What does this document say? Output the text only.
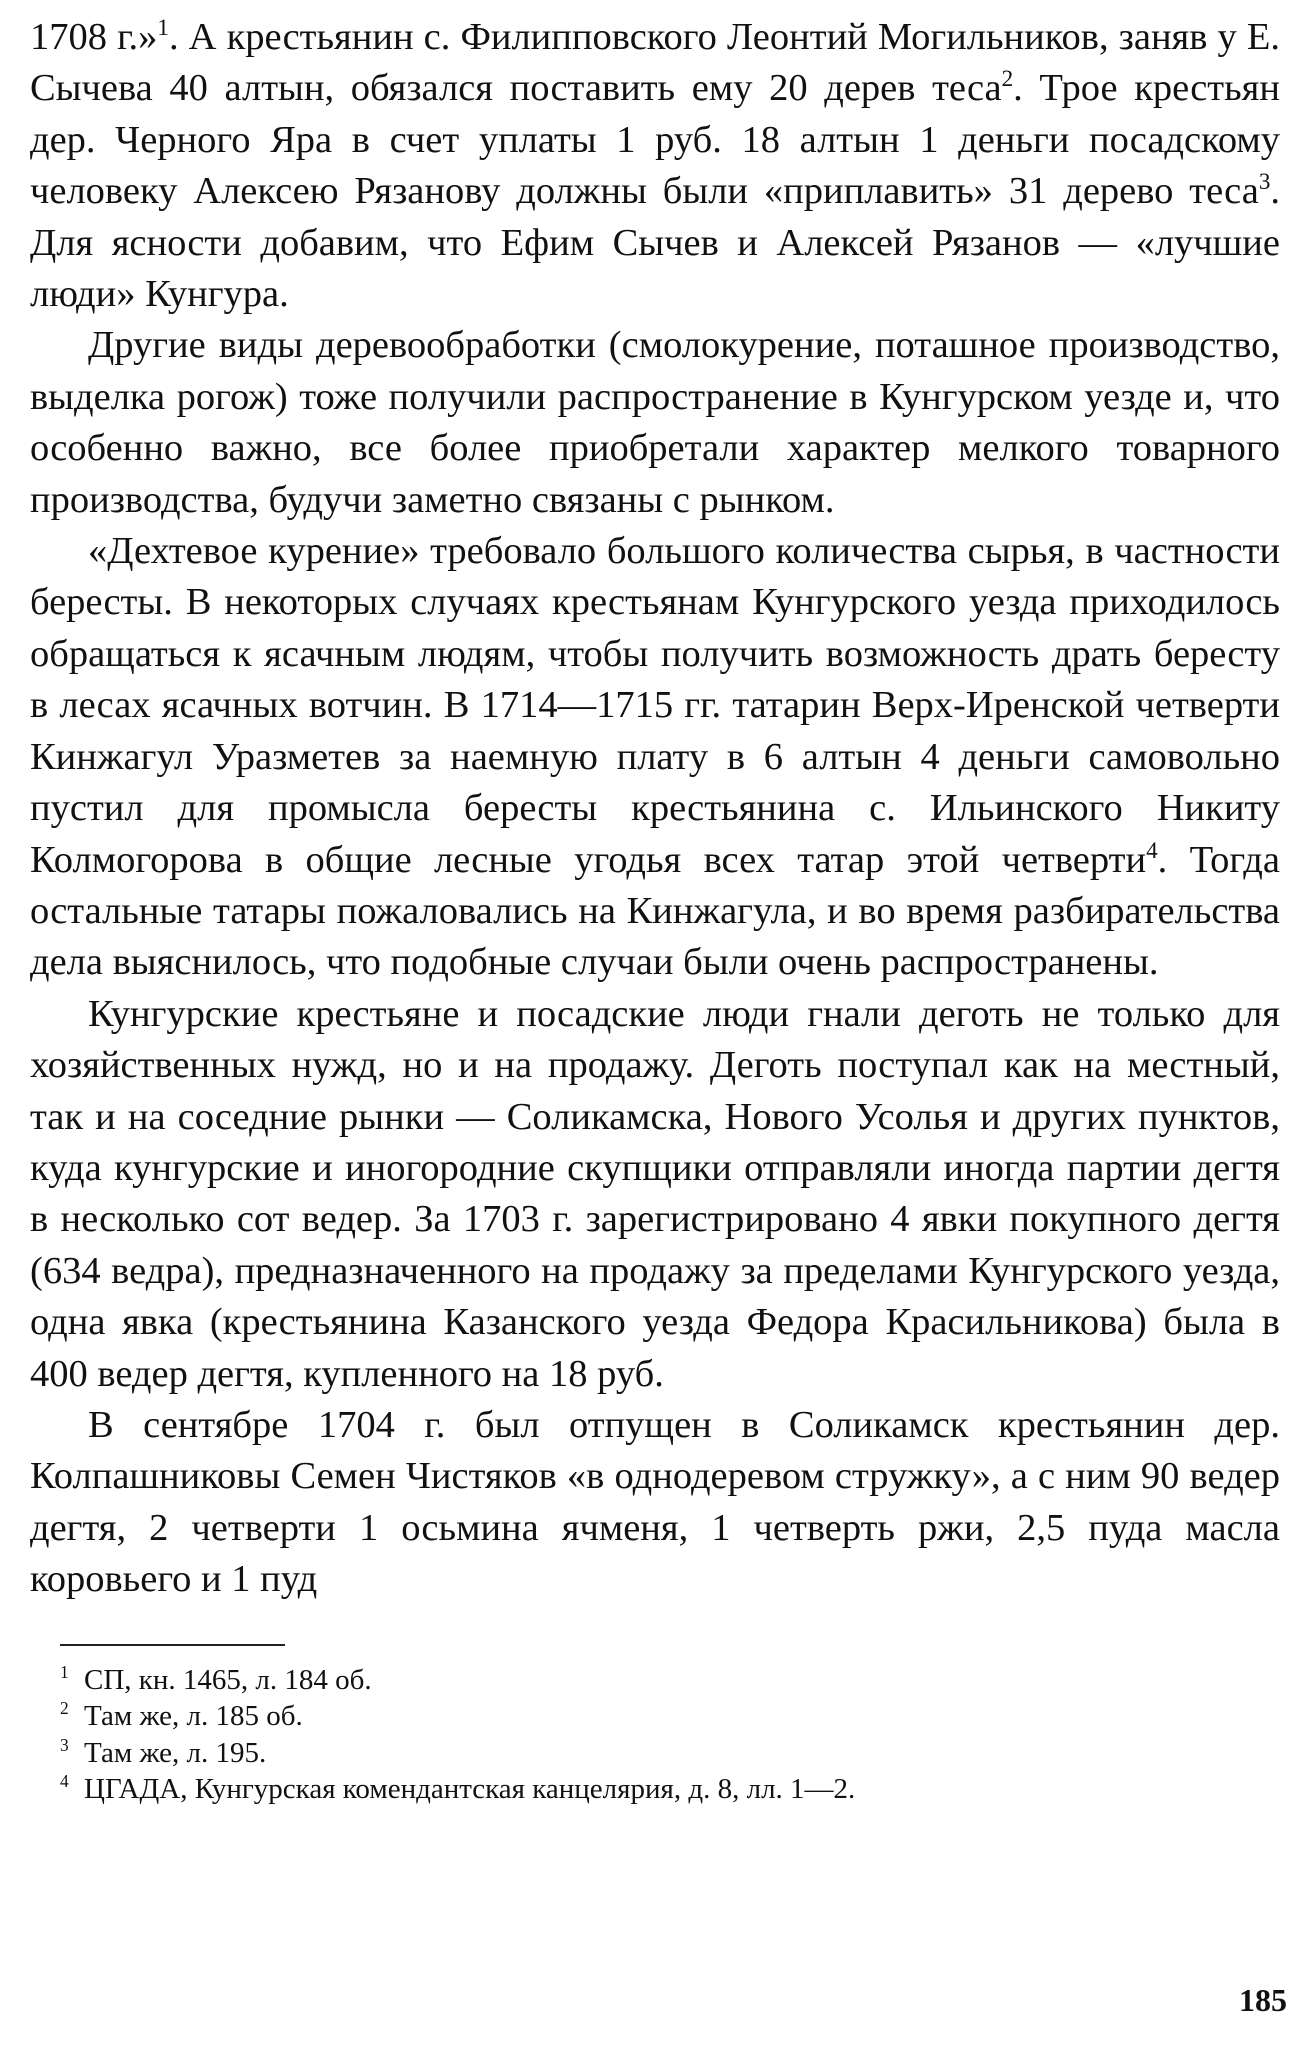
1708 г.»$^1$. А крестьянин с. Филипповского Леонтий Могильников, заняв у Е. Сычева 40 алтын, обязался поставить ему 20 дерев теса$^2$. Трое крестьян дер. Черного Яра в счет уплаты 1 руб. 18 алтын 1 деньги посадскому человеку Алексею Рязанову должны были «приплавить» 31 дерево теса$^3$. Для ясности добавим, что Ефим Сычев и Алексей Рязанов — «лучшие люди» Кунгура.

Другие виды деревообработки (смолокурение, поташное производство, выделка рогож) тоже получили распространение в Кунгурском уезде и, что особенно важно, все более приобретали характер мелкого товарного производства, будучи заметно связаны с рынком.

«Дехтевое курение» требовало большого количества сырья, в частности бересты. В некоторых случаях крестьянам Кунгурского уезда приходилось обращаться к ясачным людям, чтобы получить возможность драть бересту в лесах ясачных вотчин. В 1714—1715 гг. татарин Верх-Иренской четверти Кинжагул Уразметев за наемную плату в 6 алтын 4 деньги самовольно пустил для промысла бересты крестьянина с. Ильинского Никиту Колмогорова в общие лесные угодья всех татар этой четверти$^4$. Тогда остальные татары пожаловались на Кинжагула, и во время разбирательства дела выяснилось, что подобные случаи были очень распространены.

Кунгурские крестьяне и посадские люди гнали деготь не только для хозяйственных нужд, но и на продажу. Деготь поступал как на местный, так и на соседние рынки — Соликамска, Нового Усолья и других пунктов, куда кунгурские и иногородние скупщики отправляли иногда партии дегтя в несколько сот ведер. За 1703 г. зарегистрировано 4 явки покупного дегтя (634 ведра), предназначенного на продажу за пределами Кунгурского уезда, одна явка (крестьянина Казанского уезда Федора Красильникова) была в 400 ведер дегтя, купленного на 18 руб.

В сентябре 1704 г. был отпущен в Соликамск крестьянин дер. Колпашниковы Семен Чистяков «в однодеревом стружку», а с ним 90 ведер дегтя, 2 четверти 1 осьмина ячменя, 1 четверть ржи, 2,5 пуда масла коровьего и 1 пуд

$^1$ СП, кн. 1465, л. 184 об.
$^2$ Там же, л. 185 об.
$^3$ Там же, л. 195.
$^4$ ЦГАДА, Кунгурская комендантская канцелярия, д. 8, лл. 1—2.
185
